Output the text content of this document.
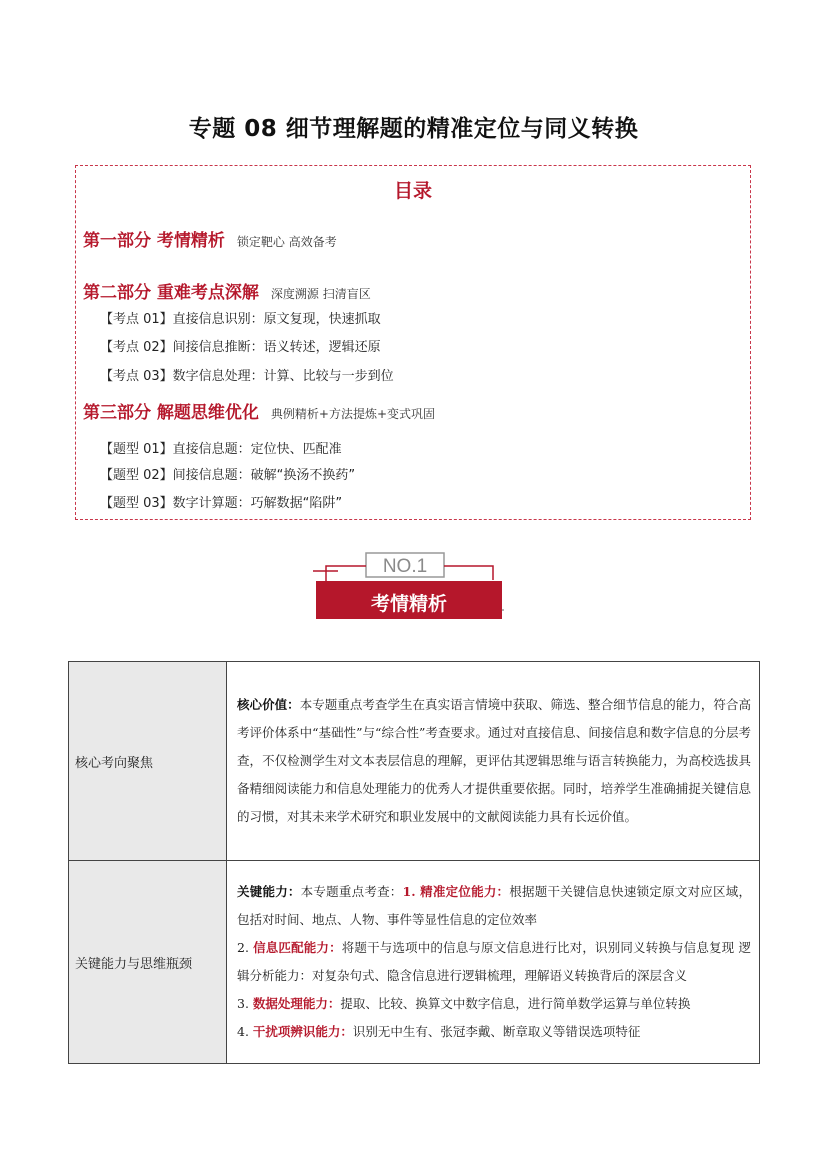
专题 08 细节理解题的精准定位与同义转换
目录
第一部分 考情精析 锁定靶心 高效备考
第二部分 重难考点深解 深度溯源 扫清盲区
【考点 01】直接信息识别：原文复现，快速抓取
【考点 02】间接信息推断：语义转述，逻辑还原
【考点 03】数字信息处理：计算、比较与一步到位
第三部分 解题思维优化 典例精析+方法提炼+变式巩固
【题型 01】直接信息题：定位快、匹配准
【题型 02】间接信息题：破解“换汤不换药”
【题型 03】数字计算题：巧解数据“陷阱”
NO.1
考情精析
核心考向聚焦	核心价值：本专题重点考查学生在真实语言情境中获取、筛选、整合细节信息的能力，符合高考评价体系中“基础性”与“综合性”考查要求。通过对直接信息、间接信息和数字信息的分层考查，不仅检测学生对文本表层信息的理解，更评估其逻辑思维与语言转换能力，为高校选拔具备精细阅读能力和信息处理能力的优秀人才提供重要依据。同时，培养学生准确捕捉关键信息的习惯，对其未来学术研究和职业发展中的文献阅读能力具有长远价值。
关键能力与思维瓶颈	关键能力：本专题重点考查：1. 精准定位能力：根据题干关键信息快速锁定原文对应区域，包括对时间、地点、人物、事件等显性信息的定位效率
2. 信息匹配能力：将题干与选项中的信息与原文信息进行比对，识别同义转换与信息复现 逻辑分析能力：对复杂句式、隐含信息进行逻辑梳理，理解语义转换背后的深层含义
3. 数据处理能力：提取、比较、换算文中数字信息，进行简单数学运算与单位转换
4. 干扰项辨识能力：识别无中生有、张冠李戴、断章取义等错误选项特征
